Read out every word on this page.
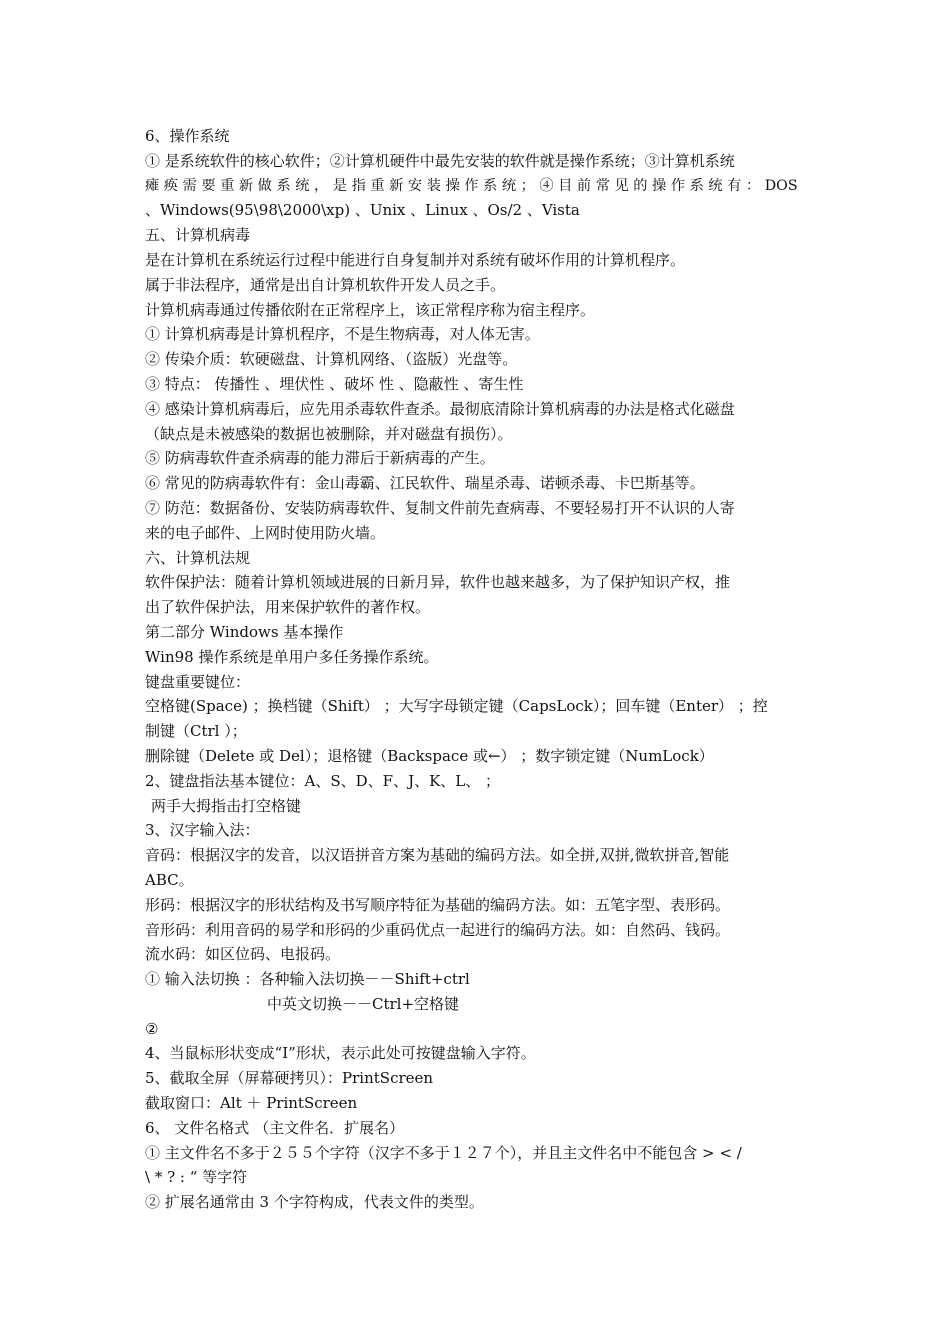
6、操作系统
① 是系统软件的核心软件；②计算机硬件中最先安装的软件就是操作系统；③计算机系统
瘫 痪 需 要 重 新 做 系 统 ， 是 指 重 新 安 装 操 作 系 统 ； ④ 目 前 常 见 的 操 作 系 统 有 ： DOS
、Windows(95\98\2000\xp) 、Unix 、Linux 、Os/2 、Vista
五、计算机病毒
是在计算机在系统运行过程中能进行自身复制并对系统有破坏作用的计算机程序。
属于非法程序，通常是出自计算机软件开发人员之手。
计算机病毒通过传播依附在正常程序上，该正常程序称为宿主程序。
① 计算机病毒是计算机程序，不是生物病毒，对人体无害。
② 传染介质：软硬磁盘、计算机网络、（盗版）光盘等。
③ 特点： 传播性 、埋伏性 、破坏 性 、隐蔽性 、寄生性
④ 感染计算机病毒后，应先用杀毒软件查杀。最彻底清除计算机病毒的办法是格式化磁盘
（缺点是未被感染的数据也被删除，并对磁盘有损伤）。
⑤ 防病毒软件查杀病毒的能力滞后于新病毒的产生。
⑥ 常见的防病毒软件有：金山毒霸、江民软件、瑞星杀毒、诺顿杀毒、卡巴斯基等。
⑦ 防范：数据备份、安装防病毒软件、复制文件前先查病毒、不要轻易打开不认识的人寄
来的电子邮件、上网时使用防火墙。
六、计算机法规
软件保护法：随着计算机领域进展的日新月异，软件也越来越多，为了保护知识产权，推
出了软件保护法，用来保护软件的著作权。
第二部分 Windows 基本操作
Win98 操作系统是单用户多任务操作系统。
键盘重要键位：
空格键(Space) ；换档键（Shift） ；大写字母锁定键（CapsLock）；回车键（Enter） ；控
制键（Ctrl ）；
删除键（Delete 或 Del）；退格键（Backspace 或←） ；数字锁定键（NumLock）
2、键盘指法基本键位：A、S、D、F、J、K、L、 ；
两手大拇指击打空格键
3、汉字输入法：
音码：根据汉字的发音，以汉语拼音方案为基础的编码方法。如全拼,双拼,微软拼音,智能
ABC。
形码：根据汉字的形状结构及书写顺序特征为基础的编码方法。如：五笔字型、表形码。
音形码：利用音码的易学和形码的少重码优点一起进行的编码方法。如：自然码、钱码。
流水码：如区位码、电报码。
① 输入法切换 ：各种输入法切换－－Shift+ctrl
中英文切换－－Ctrl+空格键
②
4、当鼠标形状变成“I”形状，表示此处可按键盘输入字符。
5、截取全屏（屏幕硬拷贝）：PrintScreen
截取窗口：Alt ＋ PrintScreen
6、 文件名格式 （主文件名．扩展名）
① 主文件名不多于２５５个字符（汉字不多于１２７个），并且主文件名中不能包含 > < /
\ * ? : “ 等字符
② 扩展名通常由 3 个字符构成，代表文件的类型。
